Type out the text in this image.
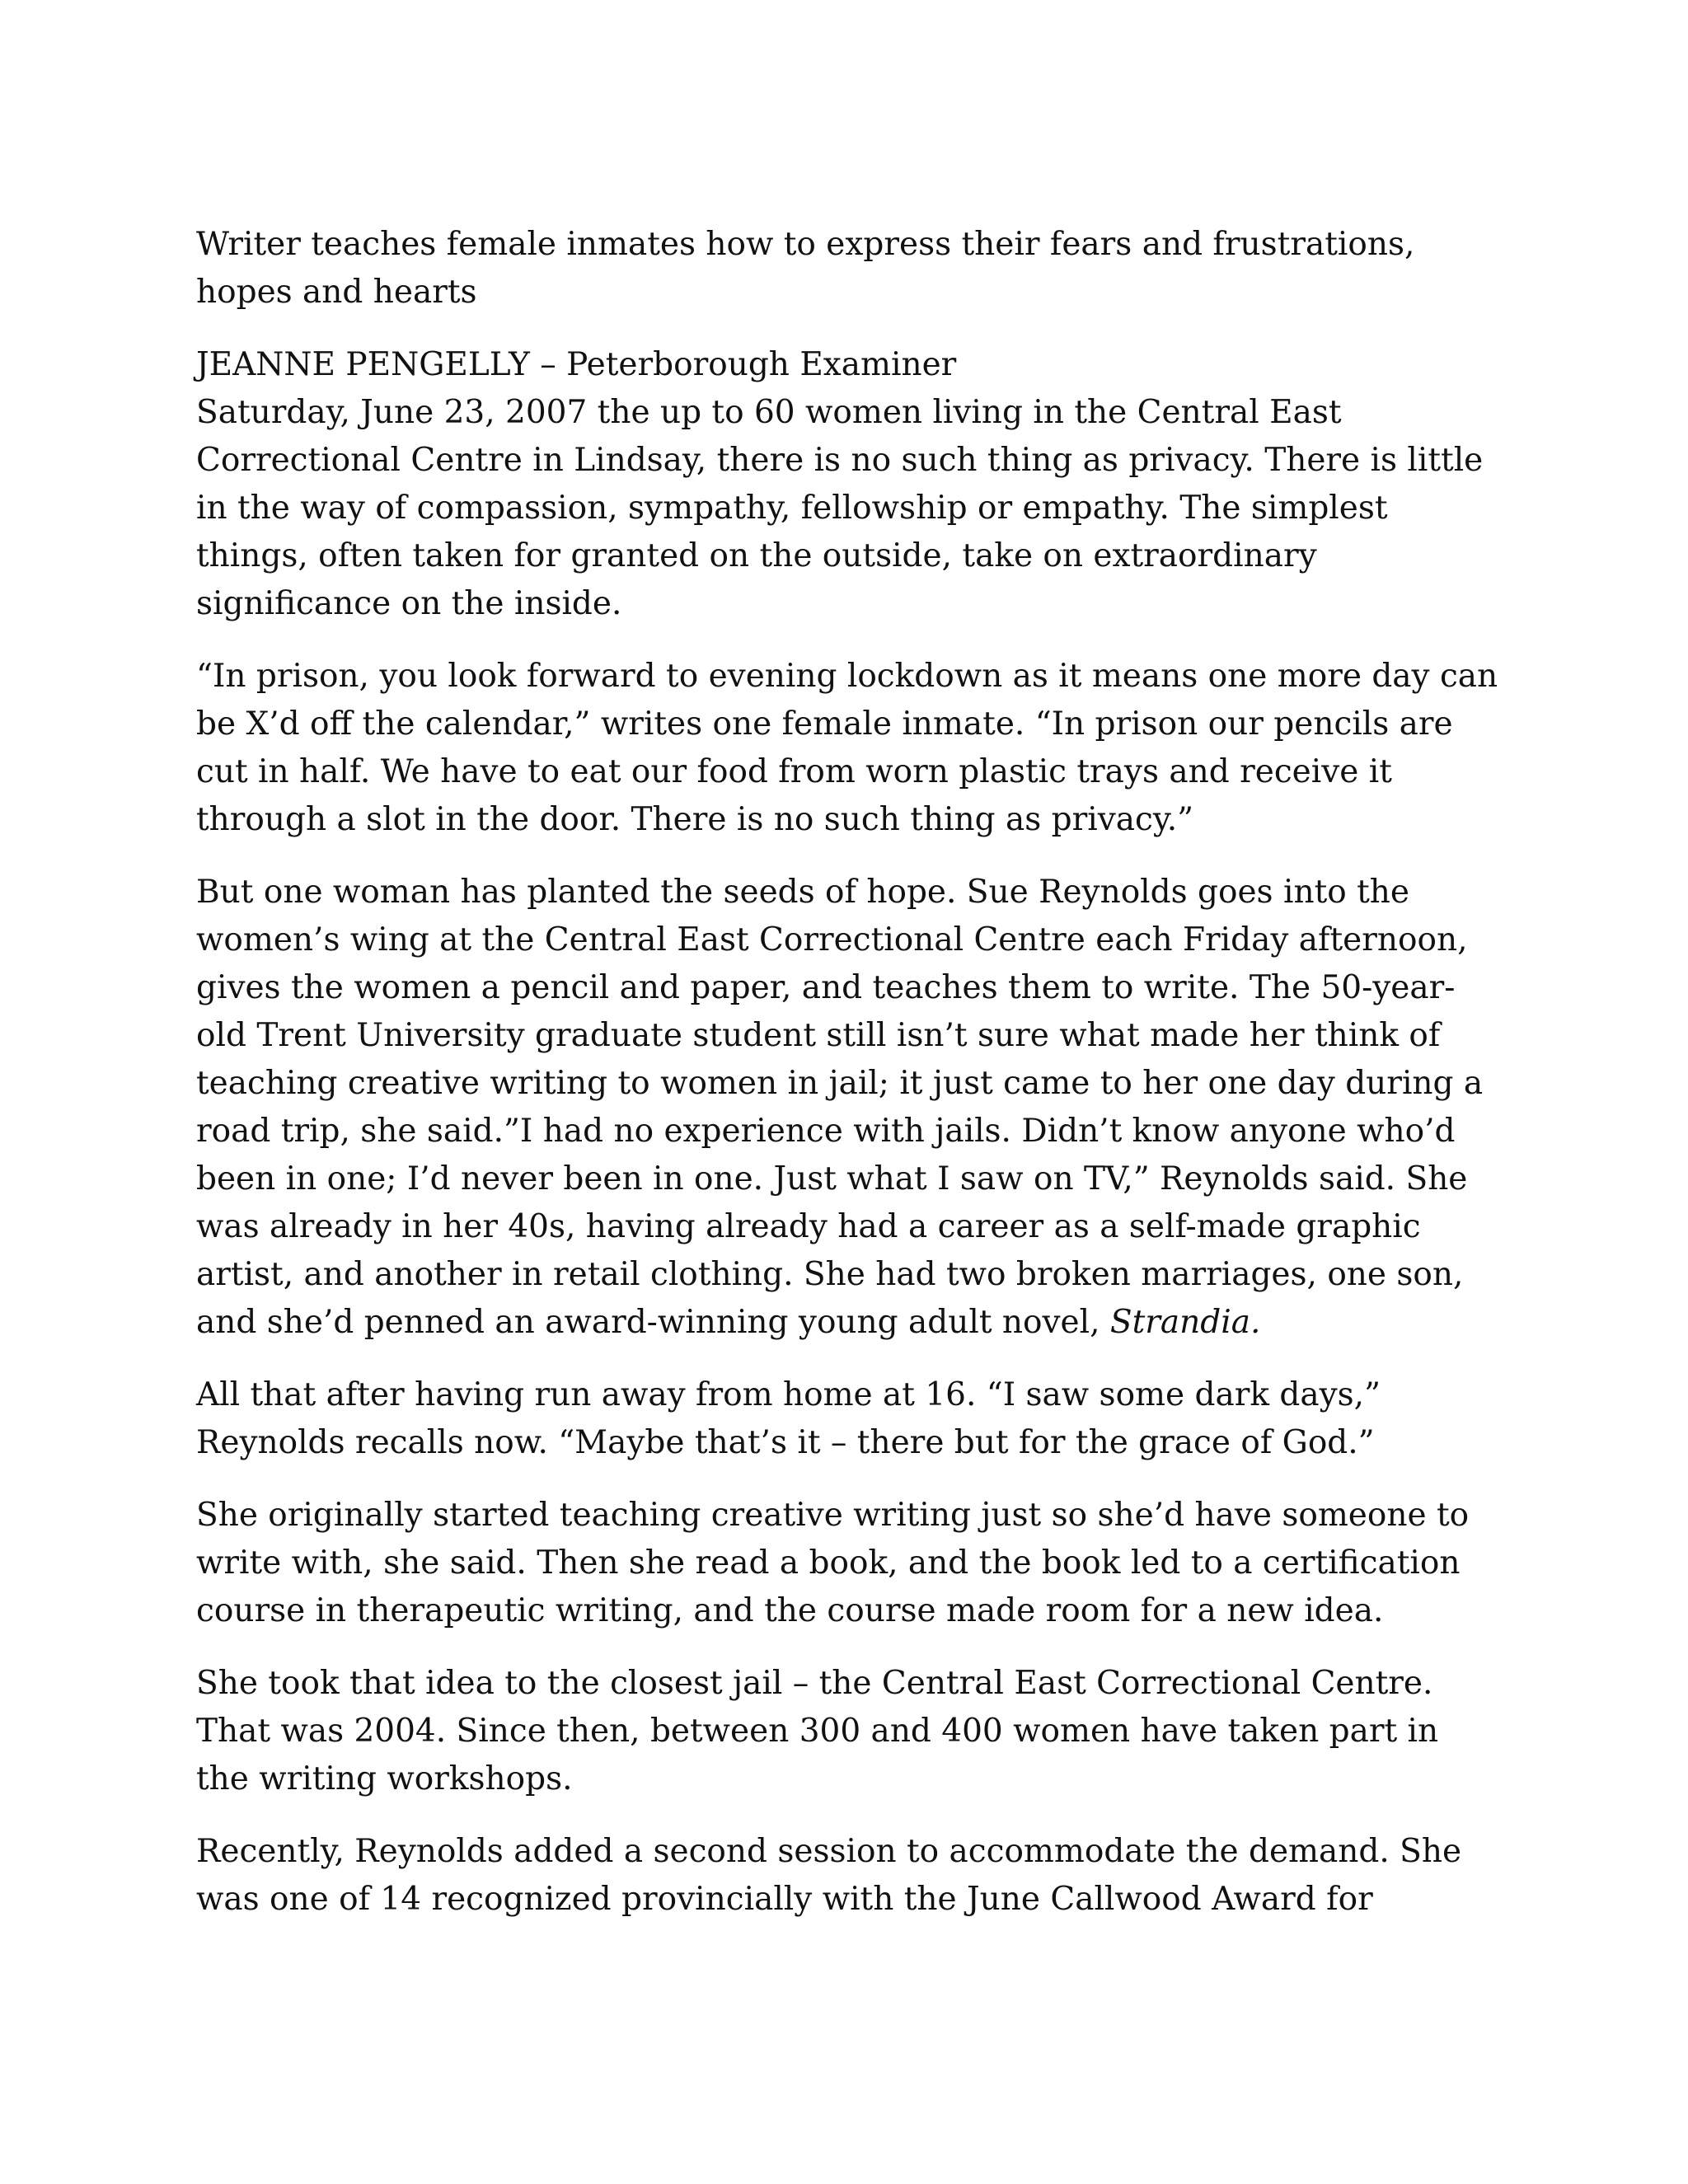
Writer teaches female inmates how to express their fears and frustrations, hopes and hearts
JEANNE PENGELLY – Peterborough Examiner
Saturday, June 23, 2007 the up to 60 women living in the Central East Correctional Centre in Lindsay, there is no such thing as privacy. There is little in the way of compassion, sympathy, fellowship or empathy. The simplest things, often taken for granted on the outside, take on extraordinary significance on the inside.
“In prison, you look forward to evening lockdown as it means one more day can be X’d off the calendar,” writes one female inmate. “In prison our pencils are cut in half. We have to eat our food from worn plastic trays and receive it through a slot in the door. There is no such thing as privacy.”
But one woman has planted the seeds of hope. Sue Reynolds goes into the women’s wing at the Central East Correctional Centre each Friday afternoon, gives the women a pencil and paper, and teaches them to write. The 50-year-old Trent University graduate student still isn’t sure what made her think of teaching creative writing to women in jail; it just came to her one day during a road trip, she said.”I had no experience with jails. Didn’t know anyone who’d been in one; I’d never been in one. Just what I saw on TV,” Reynolds said. She was already in her 40s, having already had a career as a self-made graphic artist, and another in retail clothing. She had two broken marriages, one son, and she’d penned an award-winning young adult novel, Strandia.
All that after having run away from home at 16. “I saw some dark days,” Reynolds recalls now. “Maybe that’s it – there but for the grace of God.”
She originally started teaching creative writing just so she’d have someone to write with, she said. Then she read a book, and the book led to a certification course in therapeutic writing, and the course made room for a new idea.
She took that idea to the closest jail – the Central East Correctional Centre. That was 2004. Since then, between 300 and 400 women have taken part in the writing workshops.
Recently, Reynolds added a second session to accommodate the demand. She was one of 14 recognized provincially with the June Callwood Award for
